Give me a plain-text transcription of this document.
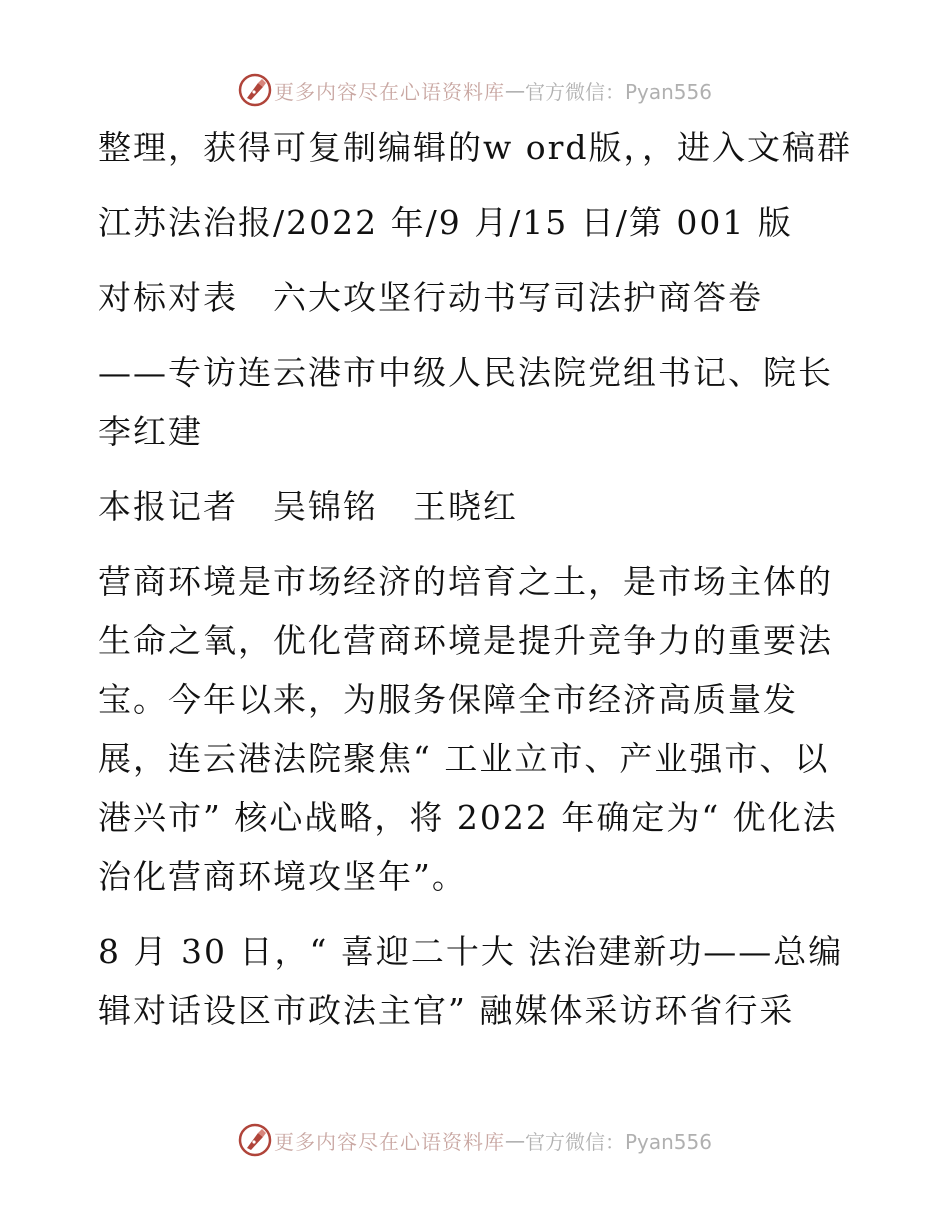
更多内容尽在心语资料库 — 官方微信：Pyan556

整理，获得可复制编辑的w ord版，，进入文稿群

江苏法治报/2022 年/9 月/15 日/第 001 版

对标对表　六大攻坚行动书写司法护商答卷

——专访连云港市中级人民法院党组书记、院长李红建

本报记者　吴锦铭　王晓红

营商环境是市场经济的培育之土，是市场主体的生命之氧，优化营商环境是提升竞争力的重要法宝。今年以来，为服务保障全市经济高质量发展，连云港法院聚焦“ 工业立市、产业强市、以港兴市” 核心战略，将 2022 年确定为“ 优化法治化营商环境攻坚年”。

8 月 30 日，“ 喜迎二十大 法治建新功——总编辑对话设区市政法主官” 融媒体采访环省行采

更多内容尽在心语资料库 — 官方微信：Pyan556
